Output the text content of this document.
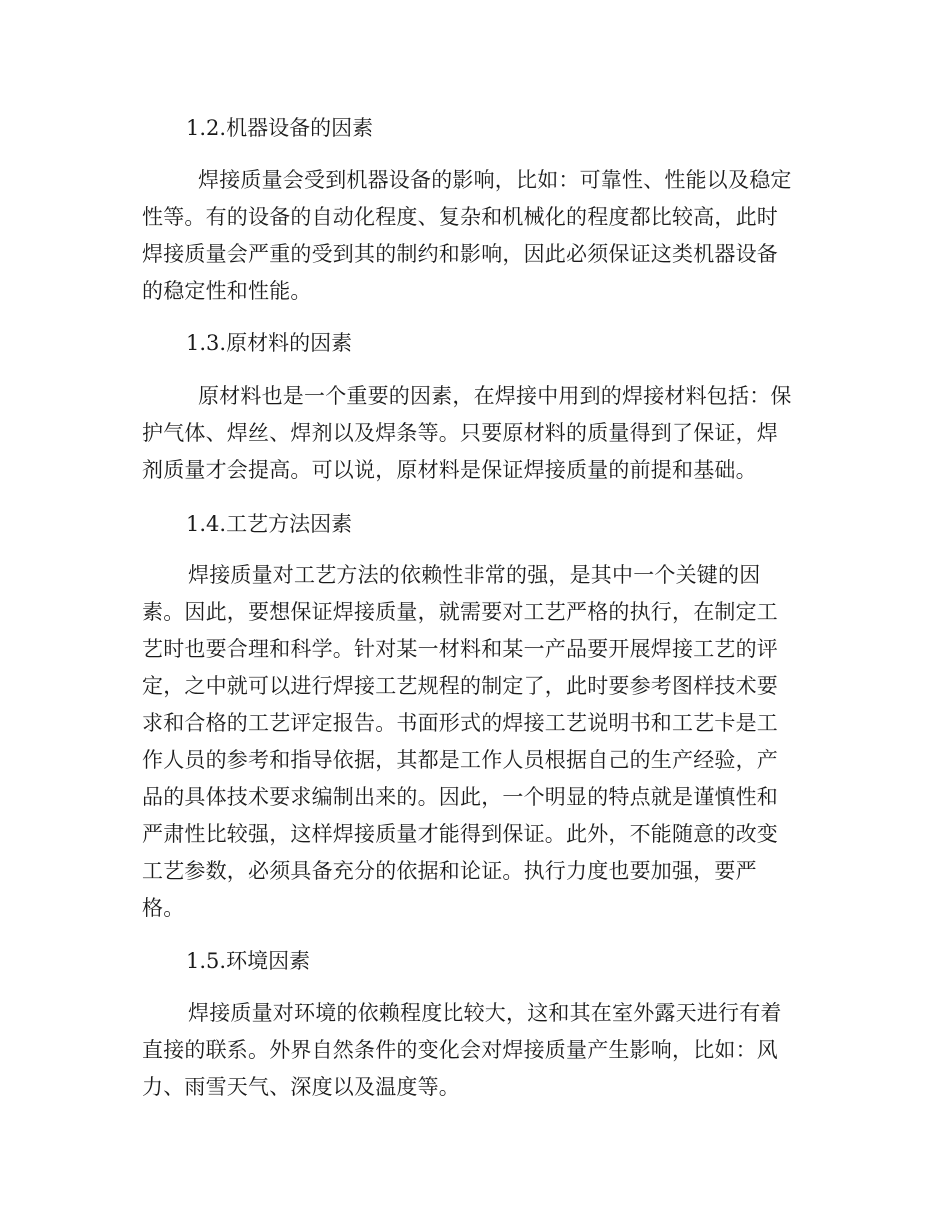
1.2.机器设备的因素
焊接质量会受到机器设备的影响，比如：可靠性、性能以及稳定
性等。有的设备的自动化程度、复杂和机械化的程度都比较高，此时
焊接质量会严重的受到其的制约和影响，因此必须保证这类机器设备
的稳定性和性能。
1.3.原材料的因素
原材料也是一个重要的因素，在焊接中用到的焊接材料包括：保
护气体、焊丝、焊剂以及焊条等。只要原材料的质量得到了保证，焊
剂质量才会提高。可以说，原材料是保证焊接质量的前提和基础。
1.4.工艺方法因素
焊接质量对工艺方法的依赖性非常的强，是其中一个关键的因
素。因此，要想保证焊接质量，就需要对工艺严格的执行，在制定工
艺时也要合理和科学。针对某一材料和某一产品要开展焊接工艺的评
定，之中就可以进行焊接工艺规程的制定了，此时要参考图样技术要
求和合格的工艺评定报告。书面形式的焊接工艺说明书和工艺卡是工
作人员的参考和指导依据，其都是工作人员根据自己的生产经验，产
品的具体技术要求编制出来的。因此，一个明显的特点就是谨慎性和
严肃性比较强，这样焊接质量才能得到保证。此外，不能随意的改变
工艺参数，必须具备充分的依据和论证。执行力度也要加强，要严
格。
1.5.环境因素
焊接质量对环境的依赖程度比较大，这和其在室外露天进行有着
直接的联系。外界自然条件的变化会对焊接质量产生影响，比如：风
力、雨雪天气、深度以及温度等。
